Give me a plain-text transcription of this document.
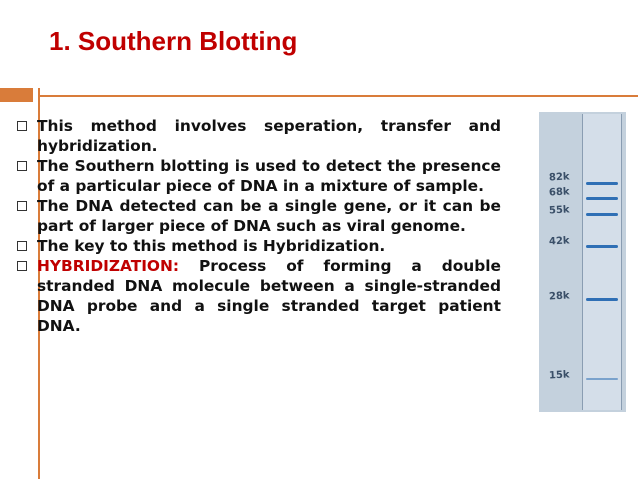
1. Southern Blotting
This method involves seperation, transfer and hybridization.
The Southern blotting is used to detect the presence of a particular piece of DNA in a mixture of sample.
The DNA detected can be a single gene, or it can be part of larger piece of DNA such as viral genome.
The key to this method is Hybridization.
HYBRIDIZATION: Process of forming a double stranded DNA molecule between a single-stranded DNA probe and a single stranded target patient DNA.
82k
68k
55k
42k
28k
15k
